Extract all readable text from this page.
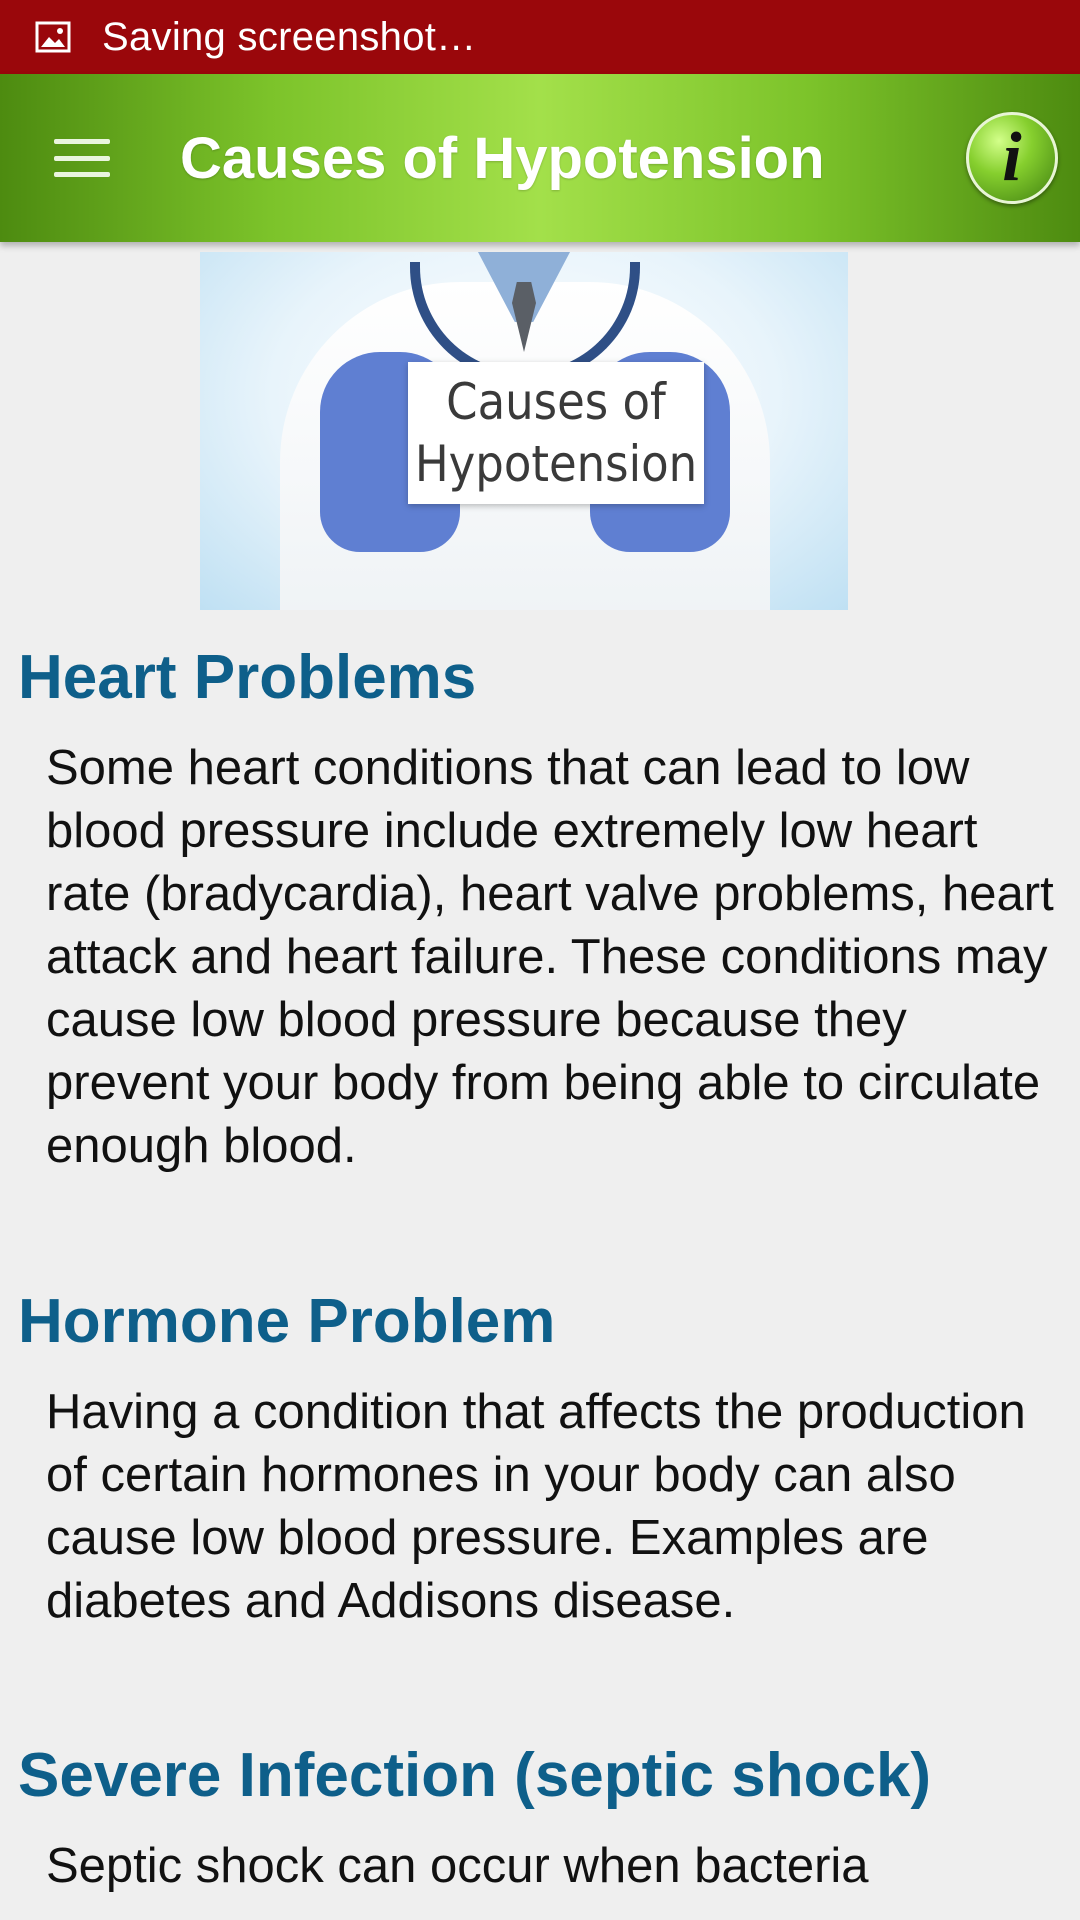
Saving screenshot…
Causes of Hypotension	i
Causes of
Hypotension
Heart Problems

Some heart conditions that can lead to low blood pressure include extremely low heart rate (bradycardia), heart valve problems, heart attack and heart failure. These conditions may cause low blood pressure because they prevent your body from being able to circulate enough blood.

Hormone Problem

Having a condition that affects the production of certain hormones in your body can also cause low blood pressure. Examples are diabetes and Addisons disease.

Severe Infection (septic shock)

Septic shock can occur when bacteria
